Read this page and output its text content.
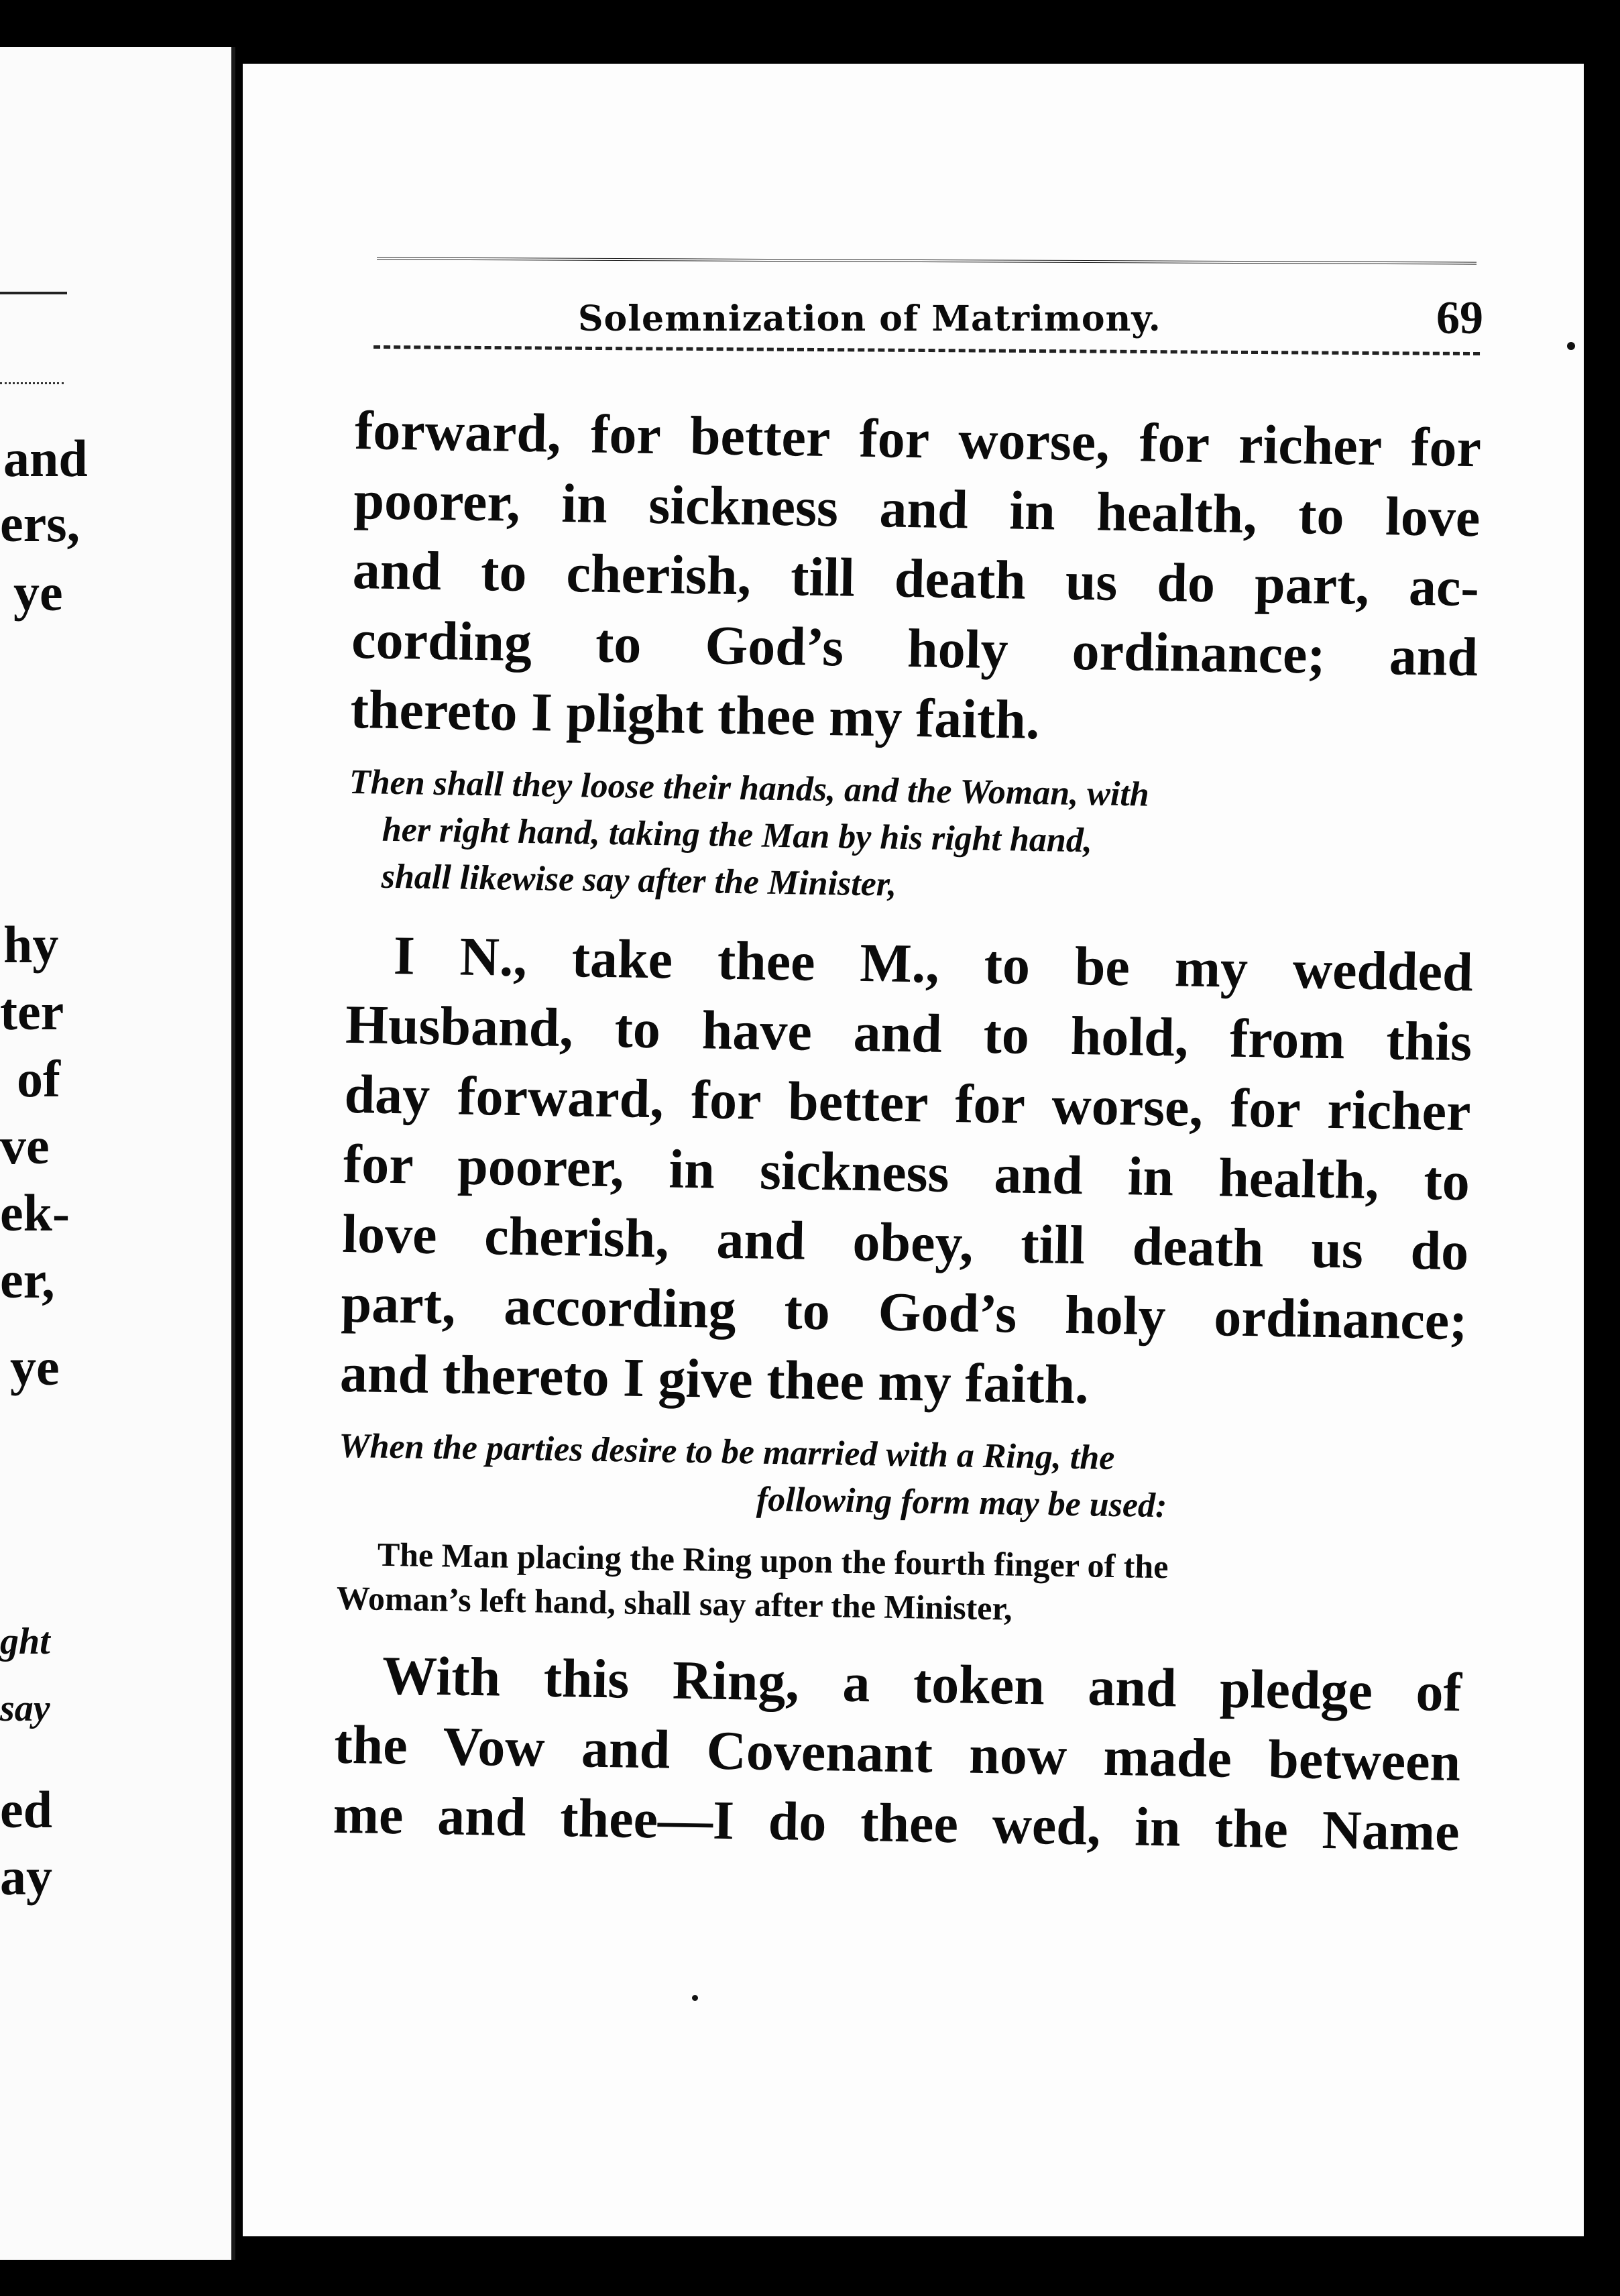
and
ers,
ye
hy
ter
of
ve
ek-
er,
ye
ght
say
ed
ay
Solemnization of Matrimony.	69
forward, for better for worse, for richer for
poorer, in sickness and in health, to love
and to cherish, till death us do part, ac-
cording to God’s holy ordinance; and
thereto I plight thee my faith.
Then shall they loose their hands, and the Woman, with
her right hand, taking the Man by his right hand,
shall likewise say after the Minister,
I N., take thee M., to be my wedded
Husband, to have and to hold, from this
day forward, for better for worse, for richer
for poorer, in sickness and in health, to
love cherish, and obey, till death us do
part, according to God’s holy ordinance;
and thereto I give thee my faith.
When the parties desire to be married with a Ring, the
following form may be used:
The Man placing the Ring upon the fourth finger of the
Woman’s left hand, shall say after the Minister,
With this Ring, a token and pledge of
the Vow and Covenant now made between
me and thee—I do thee wed, in the Name
